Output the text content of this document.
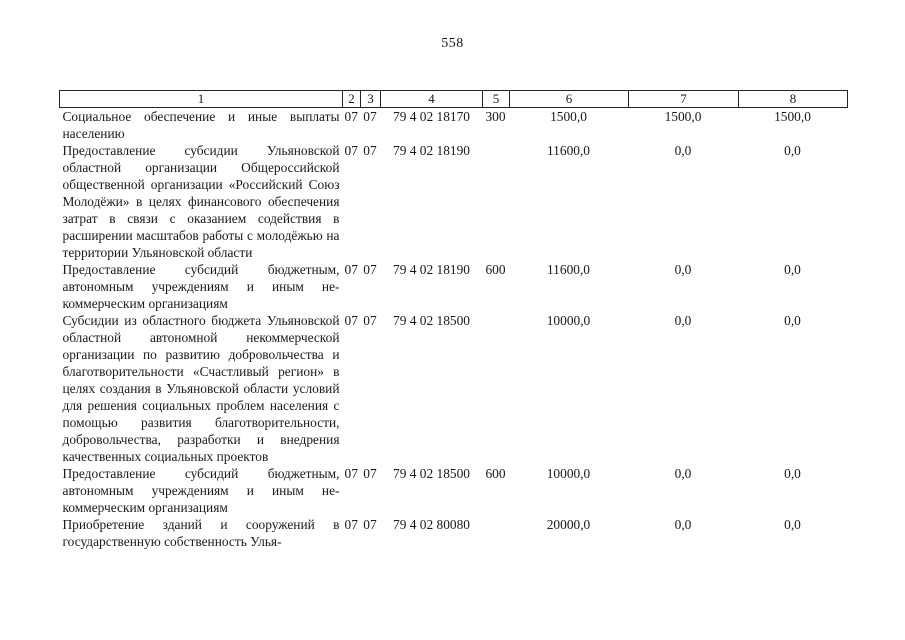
558
1	2	3	4	5	6	7	8
Социальное обеспечение и иные выплаты населению	07	07	79 4 02 18170	300	1500,0	1500,0	1500,0
Предоставление субсидии Ульяновской областной организации Общероссийской общественной организации «Российский Союз Молодёжи» в целях финансового обеспечения затрат в связи с оказанием содействия в расширении масштабов работы с молодёжью на территории Ульяновской области	07	07	79 4 02 18190		11600,0	0,0	0,0
Предоставление субсидий бюджетным, автономным учреждениям и иным некоммерческим организациям	07	07	79 4 02 18190	600	11600,0	0,0	0,0
Субсидии из областного бюджета Ульяновской областной автономной некоммерческой организации по развитию добровольчества и благотворительности «Счастливый регион» в целях создания в Ульяновской области условий для решения социальных проблем населения с помощью развития благотворительности, добровольчества, разработки и внедрения качественных социальных проектов	07	07	79 4 02 18500		10000,0	0,0	0,0
Предоставление субсидий бюджетным, автономным учреждениям и иным некоммерческим организациям	07	07	79 4 02 18500	600	10000,0	0,0	0,0
Приобретение зданий и сооружений в государственную собственность Улья-	07	07	79 4 02 80080		20000,0	0,0	0,0
